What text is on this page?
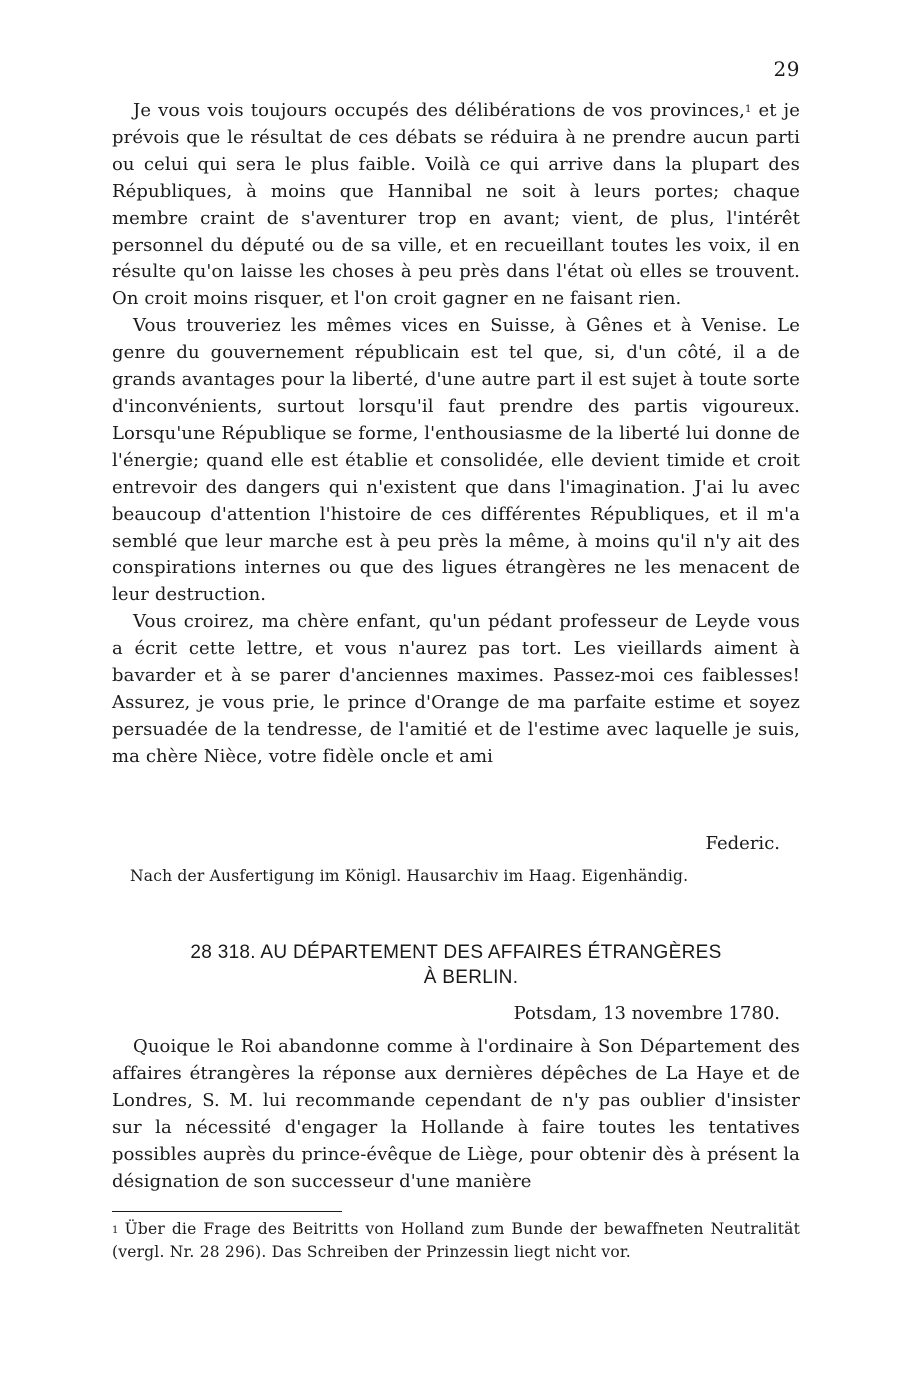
29

Je vous vois toujours occupés des délibérations de vos provinces,$^1$ et je prévois que le résultat de ces débats se réduira à ne prendre aucun parti ou celui qui sera le plus faible. Voilà ce qui arrive dans la plupart des Républiques, à moins que Hannibal ne soit à leurs portes; chaque membre craint de s'aventurer trop en avant; vient, de plus, l'intérêt personnel du député ou de sa ville, et en recueillant toutes les voix, il en résulte qu'on laisse les choses à peu près dans l'état où elles se trouvent. On croit moins risquer, et l'on croit gagner en ne faisant rien.

Vous trouveriez les mêmes vices en Suisse, à Gênes et à Venise. Le genre du gouvernement républicain est tel que, si, d'un côté, il a de grands avantages pour la liberté, d'une autre part il est sujet à toute sorte d'inconvénients, surtout lorsqu'il faut prendre des partis vigoureux. Lorsqu'une République se forme, l'enthousiasme de la liberté lui donne de l'énergie; quand elle est établie et consolidée, elle devient timide et croit entrevoir des dangers qui n'existent que dans l'imagination. J'ai lu avec beaucoup d'attention l'histoire de ces différentes Républiques, et il m'a semblé que leur marche est à peu près la même, à moins qu'il n'y ait des conspirations internes ou que des ligues étrangères ne les menacent de leur destruction.

Vous croirez, ma chère enfant, qu'un pédant professeur de Leyde vous a écrit cette lettre, et vous n'aurez pas tort. Les vieillards aiment à bavarder et à se parer d'anciennes maximes. Passez-moi ces faiblesses! Assurez, je vous prie, le prince d'Orange de ma parfaite estime et soyez persuadée de la tendresse, de l'amitié et de l'estime avec laquelle je suis, ma chère Nièce, votre fidèle oncle et ami

Federic.
Nach der Ausfertigung im Königl. Hausarchiv im Haag. Eigenhändig.
28 318. AU DÉPARTEMENT DES AFFAIRES ÉTRANGÈRES
À BERLIN.
Potsdam, 13 novembre 1780.

Quoique le Roi abandonne comme à l'ordinaire à Son Département des affaires étrangères la réponse aux dernières dépêches de La Haye et de Londres, S. M. lui recommande cependant de n'y pas oublier d'insister sur la nécessité d'engager la Hollande à faire toutes les tentatives possibles auprès du prince-évêque de Liège, pour obtenir dès à présent la désignation de son successeur d'une manière

$^1$ Über die Frage des Beitritts von Holland zum Bunde der bewaffneten Neutralität (vergl. Nr. 28 296). Das Schreiben der Prinzessin liegt nicht vor.
